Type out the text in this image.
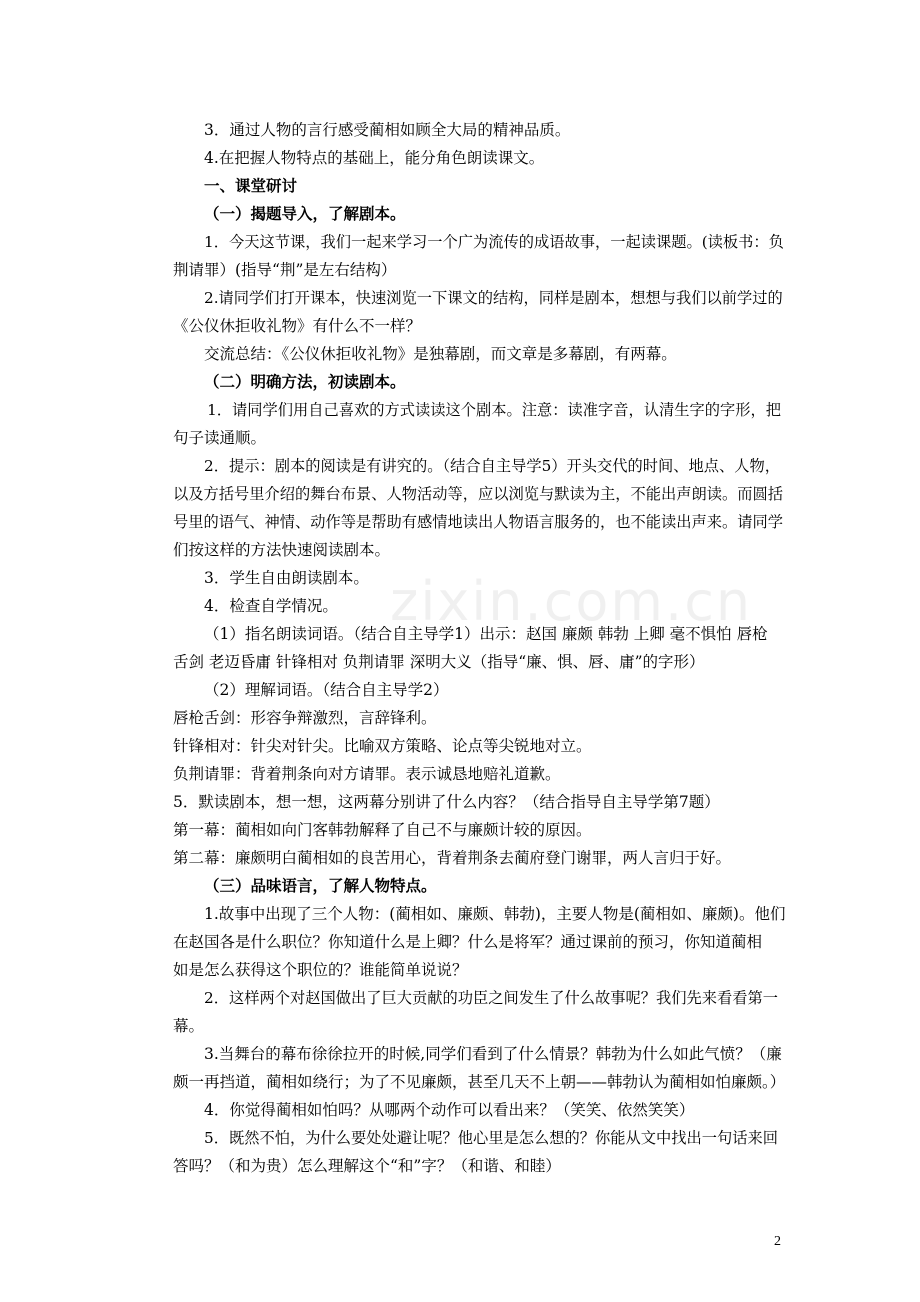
zixin.com.cn
3．通过人物的言行感受蔺相如顾全大局的精神品质。
4.在把握人物特点的基础上，能分角色朗读课文。
一、课堂研讨
（一）揭题导入，了解剧本。
1．今天这节课，我们一起来学习一个广为流传的成语故事，一起读课题。(读板书：负
荆请罪）(指导“荆”是左右结构）
2.请同学们打开课本，快速浏览一下课文的结构，同样是剧本，想想与我们以前学过的
《公仪休拒收礼物》有什么不一样？
交流总结：《公仪休拒收礼物》是独幕剧，而文章是多幕剧，有两幕。
（二）明确方法，初读剧本。
1．请同学们用自己喜欢的方式读读这个剧本。注意：读准字音，认清生字的字形，把
句子读通顺。
2．提示：剧本的阅读是有讲究的。（结合自主导学5）开头交代的时间、地点、人物，
以及方括号里介绍的舞台布景、人物活动等，应以浏览与默读为主，不能出声朗读。而圆括
号里的语气、神情、动作等是帮助有感情地读出人物语言服务的，也不能读出声来。请同学
们按这样的方法快速阅读剧本。
3．学生自由朗读剧本。
4．检查自学情况。
（1）指名朗读词语。（结合自主导学1）出示：赵国 廉颇 韩勃 上卿 毫不惧怕 唇枪
舌剑 老迈昏庸 针锋相对 负荆请罪 深明大义（指导“廉、惧、唇、庸”的字形）
（2）理解词语。（结合自主导学2）
唇枪舌剑：形容争辩激烈，言辞锋利。
针锋相对：针尖对针尖。比喻双方策略、论点等尖锐地对立。
负荆请罪：背着荆条向对方请罪。表示诚恳地赔礼道歉。
5．默读剧本，想一想，这两幕分别讲了什么内容？（结合指导自主导学第7题）
第一幕：蔺相如向门客韩勃解释了自己不与廉颇计较的原因。
第二幕：廉颇明白蔺相如的良苦用心，背着荆条去蔺府登门谢罪，两人言归于好。
（三）品味语言，了解人物特点。
1.故事中出现了三个人物：(蔺相如、廉颇、韩勃)，主要人物是(蔺相如、廉颇)。他们
在赵国各是什么职位？你知道什么是上卿？什么是将军？通过课前的预习，你知道蔺相
如是怎么获得这个职位的？谁能简单说说？
2．这样两个对赵国做出了巨大贡献的功臣之间发生了什么故事呢？我们先来看看第一
幕。
3.当舞台的幕布徐徐拉开的时候,同学们看到了什么情景？韩勃为什么如此气愤？（廉
颇一再挡道，蔺相如绕行；为了不见廉颇，甚至几天不上朝——韩勃认为蔺相如怕廉颇。）
4．你觉得蔺相如怕吗？从哪两个动作可以看出来？（笑笑、依然笑笑）
5．既然不怕，为什么要处处避让呢？他心里是怎么想的？你能从文中找出一句话来回
答吗？（和为贵）怎么理解这个“和”字？（和谐、和睦）
2
